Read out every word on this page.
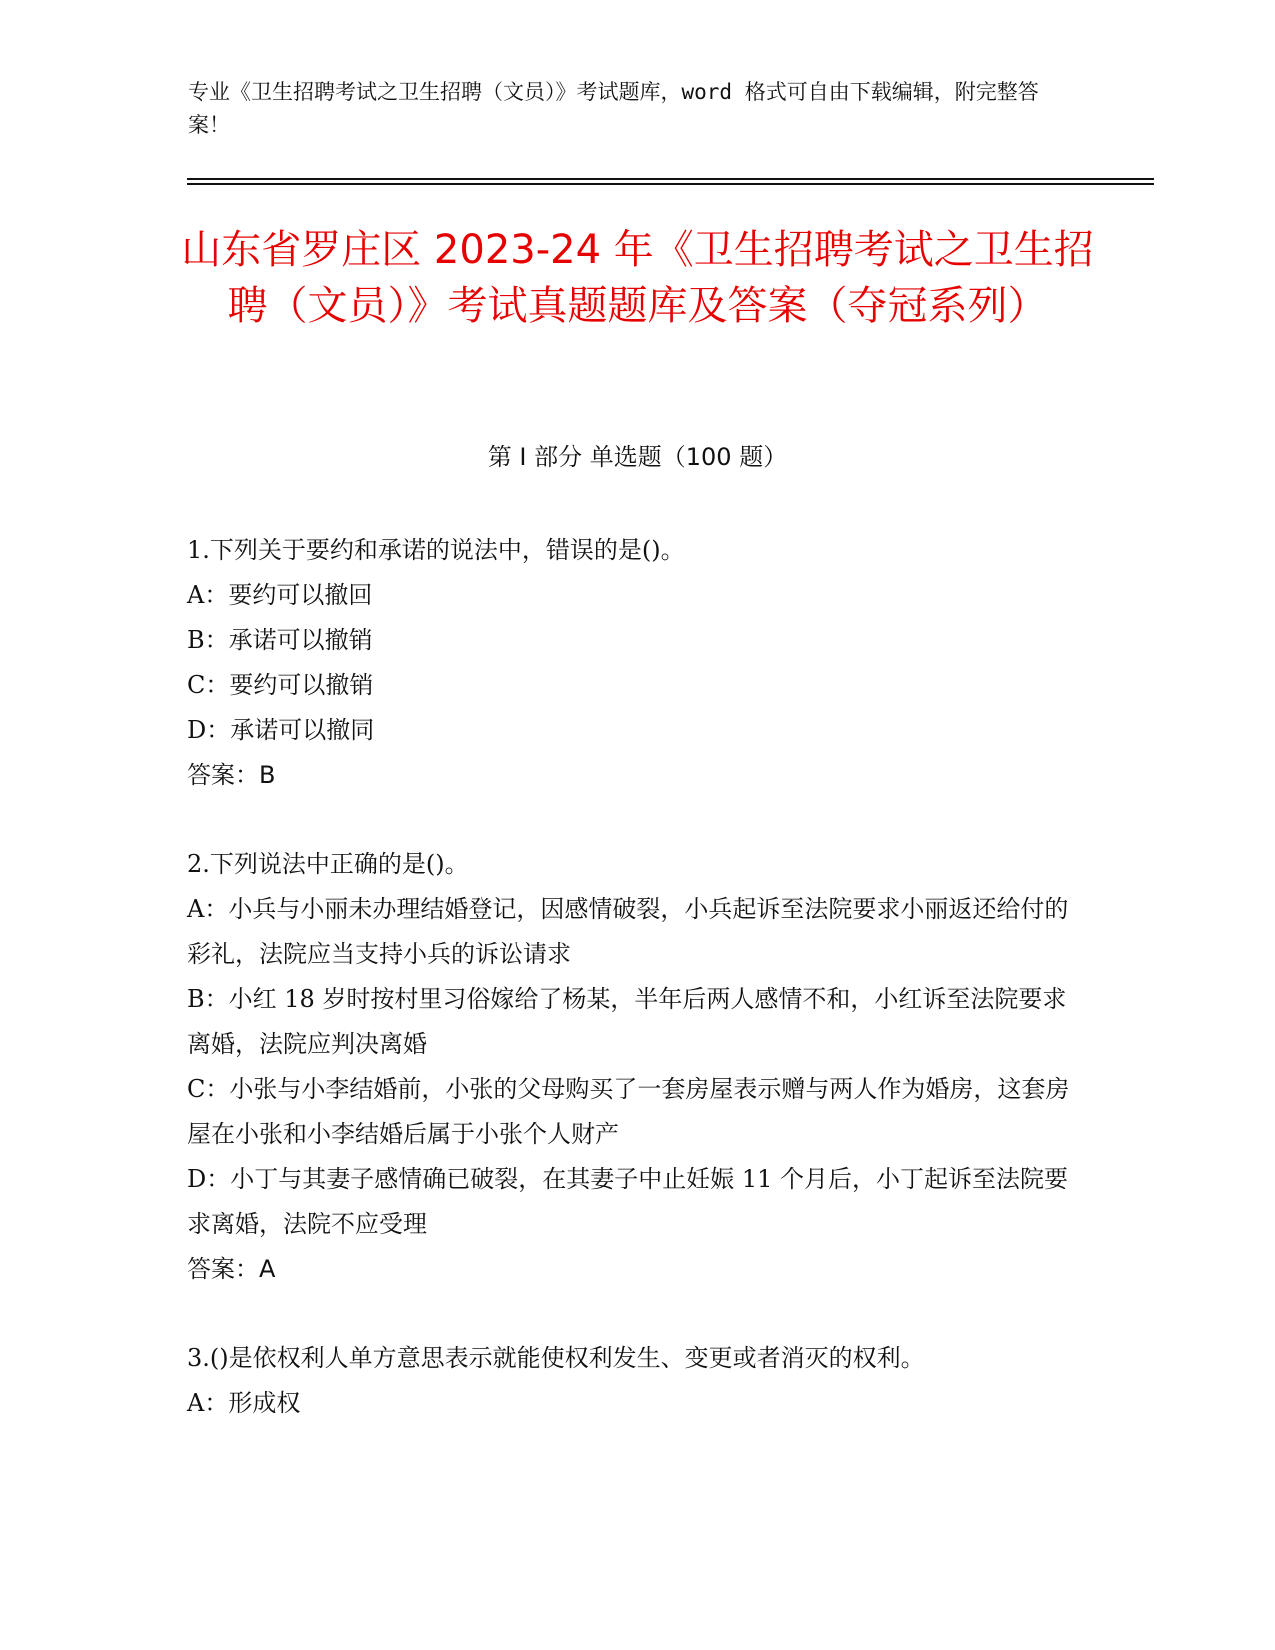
专业《卫生招聘考试之卫生招聘（文员）》考试题库，word 格式可自由下载编辑，附完整答案！
山东省罗庄区 2023-24 年《卫生招聘考试之卫生招聘（文员）》考试真题题库及答案（夺冠系列）
第 I 部分 单选题（100 题）

1.下列关于要约和承诺的说法中，错误的是()。

A：要约可以撤回

B：承诺可以撤销

C：要约可以撤销

D：承诺可以撤同

答案：B

2.下列说法中正确的是()。

A：小兵与小丽未办理结婚登记，因感情破裂，小兵起诉至法院要求小丽返还给付的彩礼，法院应当支持小兵的诉讼请求

B：小红 18 岁时按村里习俗嫁给了杨某，半年后两人感情不和，小红诉至法院要求离婚，法院应判决离婚

C：小张与小李结婚前，小张的父母购买了一套房屋表示赠与两人作为婚房，这套房屋在小张和小李结婚后属于小张个人财产

D：小丁与其妻子感情确已破裂，在其妻子中止妊娠 11 个月后，小丁起诉至法院要求离婚，法院不应受理

答案：A

3.()是依权利人单方意思表示就能使权利发生、变更或者消灭的权利。

A：形成权
